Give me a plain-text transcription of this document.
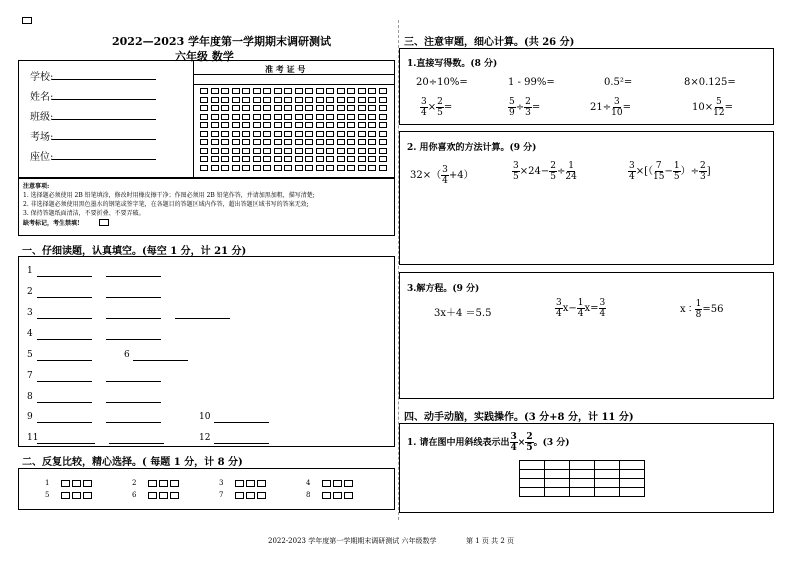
2022—2023 学年度第一学期期末调研测试
六年级 数学
学校:
姓名:
班级:
考场:
座位:
准 考 证 号
注意事项:
1. 选择题必须使用 2B 铅笔填涂，修改时用橡皮擦干净；作图必须用 2B 铅笔作答，并请加黑加粗，描写清楚;
2. 非选择题必须使用黑色墨水的钢笔或签字笔，在各题目的答题区域内作答，超出答题区域书写的答案无效;
3. 保持答题纸面清洁，不要折叠、不要弄破。
缺考标记，考生禁填!
一、仔细读题，认真填空。(每空 1 分，计 21 分)
1
2
3
4
5	6
7
8
9	10
11	12
二、反复比较，精心选择。( 每题 1 分，计 8 分)
1	2	3	4
5	6	7	8
三、注意审题，细心计算。(共 26 分)
1.直接写得数。(8 分)
20÷10%=	1 - 99%=	0.5²=	8×0.125=
$\frac{3}{4} \times \frac{2}{5}$ =	$\frac{5}{9} \div \frac{2}{3}$ =	$21\div \frac{3}{10}$ =	$10\times \frac{5}{12}$ =
2. 用你喜欢的方法计算。(9 分)
$32\times( \frac{3}{4} +4)$	$\frac{3}{5} \times 24- \frac{2}{5} \div \frac{1}{24}$	$\frac{3}{4}$ ×[（ $\frac{7}{15} - \frac{1}{5}$ ）÷ $\frac{2}{3}$ ]
3.解方程。(9 分)
3x＋4 ＝5.5	$\frac{3}{4} x- \frac{1}{4} x= \frac{3}{4}$	x ∶ $\frac{1}{8} =56$
四、动手动脑，实践操作。(3 分+8 分，计 11 分)
1. 请在图中用斜线表示出 $\frac{3}{4} \times \frac{2}{5}$ 。(3 分)

2022-2023 学年度第一学期期末调研测试 六年级数学	第 1 页 共 2 页
